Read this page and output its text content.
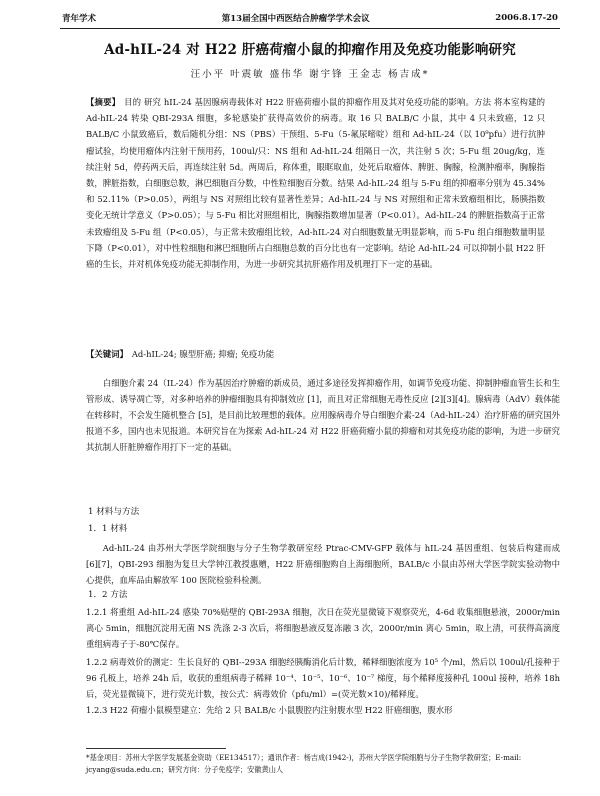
青年学术	第13届全国中西医结合肿瘤学学术会议	2006.8.17-20
Ad-hIL-24 对 H22 肝癌荷瘤小鼠的抑瘤作用及免疫功能影响研究
汪小平 叶震敏 盛伟华 谢宇锋 王金志 杨吉成*
【摘要】 目的 研究 hIL-24 基因腺病毒载体对 H22 肝癌荷瘤小鼠的抑瘤作用及其对免疫功能的影响。方法 将本室构建的 Ad-hIL-24 转染 QBI-293A 细胞，多轮感染扩获得高效价的病毒。取 16 只 BALB/C 小鼠，其中 4 只未致癌，12 只 BALB/C 小鼠致癌后，数后随机分组：NS（PBS）干预组、5-Fu（5-氟尿嘧啶）组和 Ad-hIL-24（以 10⁹pfu）进行抗肿瘤试验，均使用瘤体内注射干预用药，100ul/只：NS 组和 Ad-hIL-24 组隔日一次，共注射 5 次；5-Fu 组 20ug/kg，连续注射 5d，停药两天后，再连续注射 5d。两周后，称体重，眼眶取血，处死后取瘤体、脾脏、胸腺，检测肿瘤率，胸腺指数，脾脏指数，白细胞总数，淋巴细胞百分数，中性粒细胞百分数。结果 Ad-hIL-24 组与 5-Fu 组的抑瘤率分别为 45.34%和 52.11%（P>0.05），两组与 NS 对照组比较有显著性差异；Ad-hIL-24 与 NS 对照组和正常未致瘤组相比，肠胰指数变化无统计学意义（P>0.05）；与 5-Fu 相比对照组相比，胸腺指数增加显著（P<0.01）。Ad-hIL-24 的脾脏指数高于正常未致瘤组及 5-Fu 组（P<0.05），与正常未致瘤组比较，Ad-hIL-24 对白细胞数量无明显影响，而 5-Fu 组白细胞数量明显下降（P<0.01），对中性粒细胞和淋巴细胞所占白细胞总数的百分比也有一定影响。结论 Ad-hIL-24 可以抑制小鼠 H22 肝癌的生长，并对机体免疫功能无抑制作用，为进一步研究其抗肝癌作用及机理打下一定的基础。
【关键词】 Ad-hIL-24; 腺型肝癌; 抑瘤; 免疫功能
白细胞介素 24（IL-24）作为基因治疗肿瘤的新成员，通过多途径发挥抑瘤作用，如调节免疫功能、抑制肿瘤血管生长和生管形成、诱导凋亡等，对多种培养的肿瘤细胞具有抑制效应 [1]，而且对正常细胞无毒性反应 [2][3][4]。腺病毒（AdV）载体能在转移时，不会发生随机整合 [5]，是目前比较理想的载体。应用腺病毒介导白细胞介素-24（Ad-hIL-24）治疗肝癌的研究国外报道不多，国内也未见报道。本研究旨在为探索 Ad-hIL-24 对 H22 肝癌荷瘤小鼠的抑瘤和对其免疫功能的影响，为进一步研究其抗制人肝脏肿瘤作用打下一定的基础。
1 材料与方法
1．1 材料
Ad-hIL-24 由苏州大学医学院细胞与分子生物学教研室经 Ptrac-CMV-GFP 载体与 hIL-24 基因重组、包装后构建而成 [6][7]，QBI-293 细胞为复旦大学钟江教授惠赠，H22 肝癌细胞购自上海细胞所，BALB/c 小鼠由苏州大学医学院实验动物中心提供，血库品由解放军 100 医院检验科检测。
1．2 方法
1.2.1 将重组 Ad-hIL-24 感染 70%贴壁的 QBI-293A 细胞，次日在荧光显微镜下观察荧光，4-6d 收集细胞悬液，2000r/min 离心 5min，细胞沉淀用无菌 NS 洗涤 2-3 次后，将细胞悬液反复冻融 3 次，2000r/min 离心 5min，取上清，可获得高滴度重组病毒子于-80℃保存。
1.2.2 病毒效价的测定：生长良好的 QBI--293A 细胞经胰酶消化后计数，稀释细胞浓度为 10⁵ 个/ml，然后以 100ul/孔接种于 96 孔板上，培养 24h 后，收获的重组病毒子稀释 10⁻⁴、10⁻⁵、10⁻⁶、10⁻⁷ 梯度，每个稀释度接种孔 100ul 接种，培养 18h 后，荧光显微镜下，进行荧光计数，按公式：病毒效价（pfu/ml）=(荧光数×10)/稀释度。
1.2.3 H22 荷瘤小鼠模型建立：先给 2 只 BALB/c 小鼠腹腔内注射腹水型 H22 肝癌细胞，腹水形
*基金项目：苏州大学医学发展基金资助（EE134517）；通讯作者：杨吉成(1942-)，苏州大学医学院细胞与分子生物学教研室；E-mail: jcyang@suda.edu.cn；研究方向：分子免疫学；安徽黄山人
